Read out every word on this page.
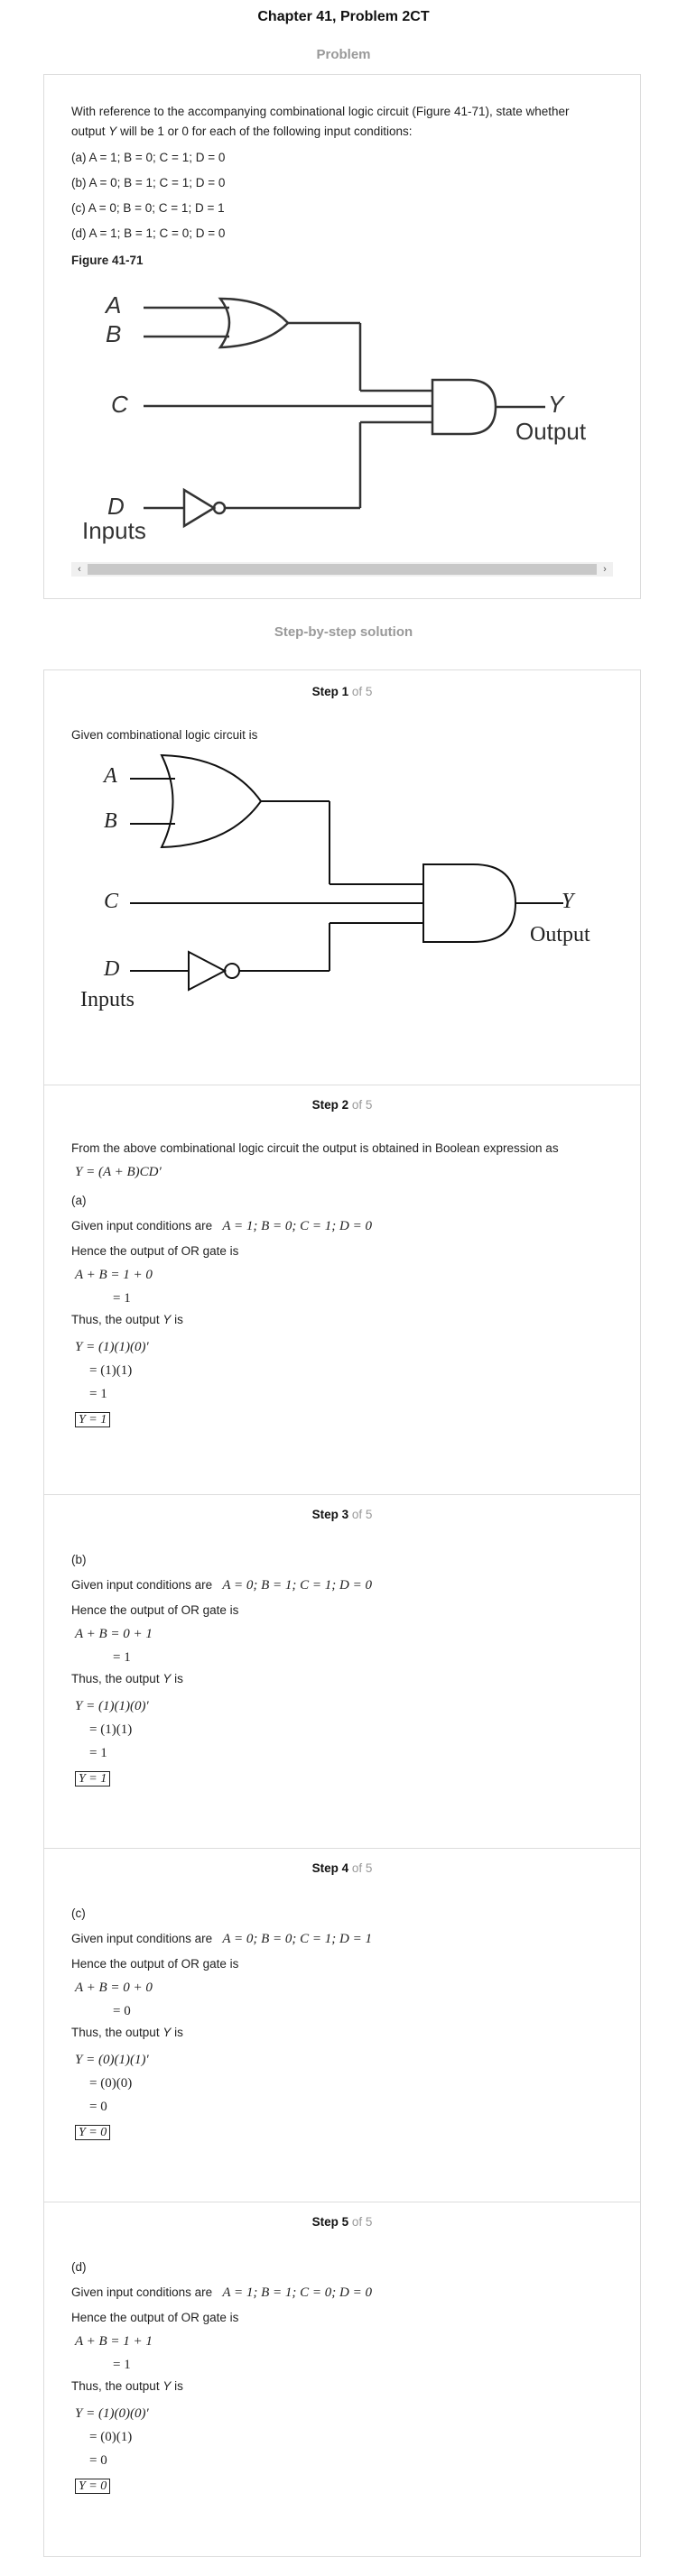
Chapter 41, Problem 2CT
Problem
With reference to the accompanying combinational logic circuit (Figure 41-71), state whether
output Y will be 1 or 0 for each of the following input conditions:
(a) A = 1; B = 0; C = 1; D = 0
(b) A = 0; B = 1; C = 1; D = 0
(c) A = 0; B = 0; C = 1; D = 1
(d) A = 1; B = 1; C = 0; D = 0
Figure 41-71
A
B
C
D
Inputs
Y
Output
‹	›
Step-by-step solution
Step 1 of 5
Given combinational logic circuit is
A
B
C
D
Inputs
Y
Output
Step 2 of 5
From the above combinational logic circuit the output is obtained in Boolean expression as
Y = (A + B)CD′
(a)
Given input conditions are A = 1; B = 0; C = 1; D = 0
Hence the output of OR gate is
A + B = 1 + 0
= 1
Thus, the output Y is
Y = (1)(1)(0)′
= (1)(1)
= 1
Y = 1
Step 3 of 5
(b)
Given input conditions are A = 0; B = 1; C = 1; D = 0
Hence the output of OR gate is
A + B = 0 + 1
= 1
Thus, the output Y is
Y = (1)(1)(0)′
= (1)(1)
= 1
Y = 1
Step 4 of 5
(c)
Given input conditions are A = 0; B = 0; C = 1; D = 1
Hence the output of OR gate is
A + B = 0 + 0
= 0
Thus, the output Y is
Y = (0)(1)(1)′
= (0)(0)
= 0
Y = 0
Step 5 of 5
(d)
Given input conditions are A = 1; B = 1; C = 0; D = 0
Hence the output of OR gate is
A + B = 1 + 1
= 1
Thus, the output Y is
Y = (1)(0)(0)′
= (0)(1)
= 0
Y = 0
